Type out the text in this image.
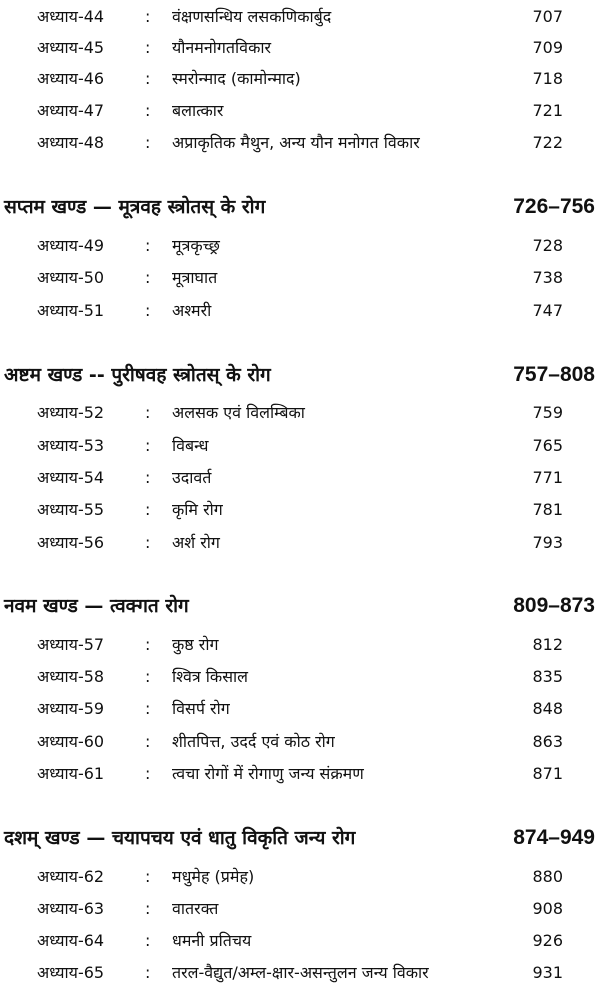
अध्याय-44	: वंक्षणसन्धिय लसकणिकार्बुद	707
अध्याय-45	: यौनमनोगतविकार	709
अध्याय-46	: स्मरोन्माद (कामोन्माद)	718
अध्याय-47	: बलात्कार	721
अध्याय-48	: अप्राकृतिक मैथुन, अन्य यौन मनोगत विकार	722
सप्तम खण्ड — मूत्रवह स्त्रोतस् के रोग	726–756
अध्याय-49	: मूत्रकृच्छ्र	728
अध्याय-50	: मूत्राघात	738
अध्याय-51	: अश्मरी	747
अष्टम खण्ड -- पुरीषवह स्त्रोतस् के रोग	757–808
अध्याय-52	: अलसक एवं विलम्बिका	759
अध्याय-53	: विबन्ध	765
अध्याय-54	: उदावर्त	771
अध्याय-55	: कृमि रोग	781
अध्याय-56	: अर्श रोग	793
नवम खण्ड — त्वक्गत रोग	809–873
अध्याय-57	: कुष्ठ रोग	812
अध्याय-58	: श्वित्र किसाल	835
अध्याय-59	: विसर्प रोग	848
अध्याय-60	: शीतपित्त, उदर्द एवं कोठ रोग	863
अध्याय-61	: त्वचा रोगों में रोगाणु जन्य संक्रमण	871
दशम् खण्ड — चयापचय एवं धातु विकृति जन्य रोग	874–949
अध्याय-62	: मधुमेह (प्रमेह)	880
अध्याय-63	: वातरक्त	908
अध्याय-64	: धमनी प्रतिचय	926
अध्याय-65	: तरल-वैद्युत/अम्ल-क्षार-असन्तुलन जन्य विकार	931
